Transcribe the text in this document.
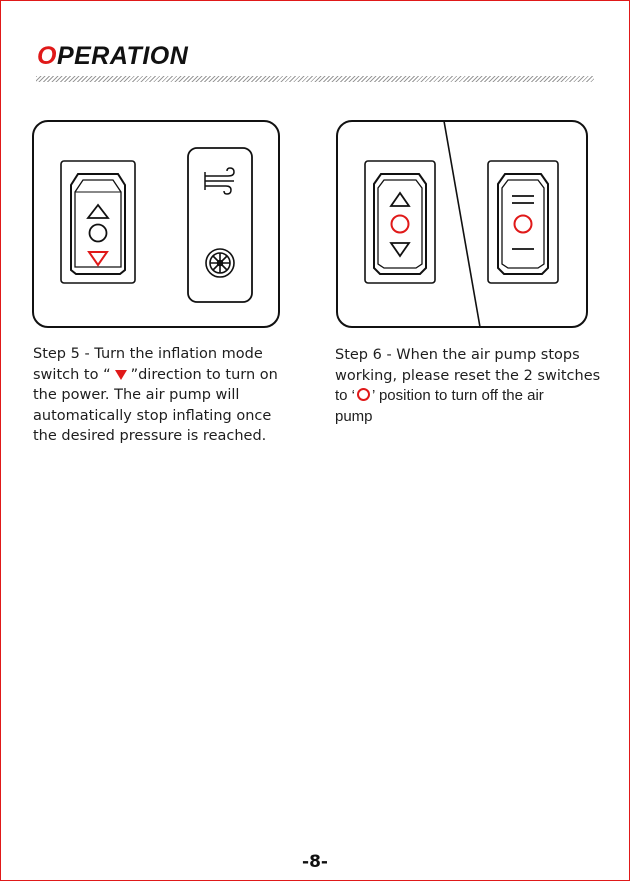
OPERATION
Step 5 - Turn the inflation mode
switch to “ ”direction to turn on
the power. The air pump will
automatically stop inflating once
the desired pressure is reached.
Step 6 - When the air pump stops
working, please reset the 2 switches
to ‘ ’ position to turn off the air
pump
-8-
